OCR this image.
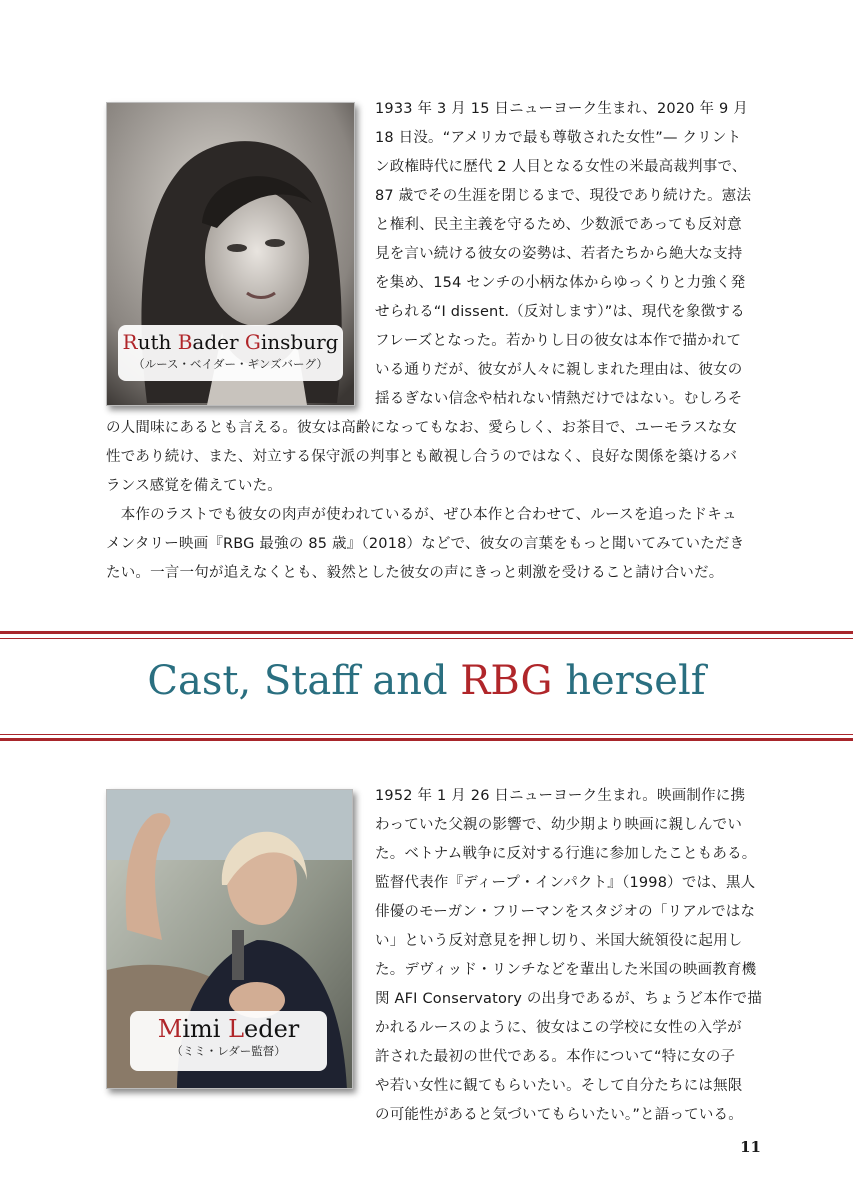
Ruth Bader Ginsburg
（ルース・ベイダー・ギンズバーグ）
1933 年 3 月 15 日ニューヨーク生まれ、2020 年 9 月
18 日没。“アメリカで最も尊敬された女性”— クリント
ン政権時代に歴代 2 人目となる女性の米最高裁判事で、
87 歳でその生涯を閉じるまで、現役であり続けた。憲法
と権利、民主主義を守るため、少数派であっても反対意
見を言い続ける彼女の姿勢は、若者たちから絶大な支持
を集め、154 センチの小柄な体からゆっくりと力強く発
せられる“I dissent.（反対します）”は、現代を象徴する
フレーズとなった。若かりし日の彼女は本作で描かれて
いる通りだが、彼女が人々に親しまれた理由は、彼女の
揺るぎない信念や枯れない情熱だけではない。むしろそ
の人間味にあるとも言える。彼女は高齢になってもなお、愛らしく、お茶目で、ユーモラスな女
性であり続け、また、対立する保守派の判事とも敵視し合うのではなく、良好な関係を築けるバ
ランス感覚を備えていた。
　本作のラストでも彼女の肉声が使われているが、ぜひ本作と合わせて、ルースを追ったドキュ
メンタリー映画『RBG 最強の 85 歳』（2018）などで、彼女の言葉をもっと聞いてみていただき
たい。一言一句が追えなくとも、毅然とした彼女の声にきっと刺激を受けること請け合いだ。
Cast, Staff and RBG herself
Mimi Leder
（ミミ・レダー監督）
1952 年 1 月 26 日ニューヨーク生まれ。映画制作に携
わっていた父親の影響で、幼少期より映画に親しんでい
た。ベトナム戦争に反対する行進に参加したこともある。
監督代表作『ディープ・インパクト』（1998）では、黒人
俳優のモーガン・フリーマンをスタジオの「リアルではな
い」という反対意見を押し切り、米国大統領役に起用し
た。デヴィッド・リンチなどを輩出した米国の映画教育機
関 AFI Conservatory の出身であるが、ちょうど本作で描
かれるルースのように、彼女はこの学校に女性の入学が
許された最初の世代である。本作について“特に女の子
や若い女性に観てもらいたい。そして自分たちには無限
の可能性があると気づいてもらいたい。”と語っている。
11
